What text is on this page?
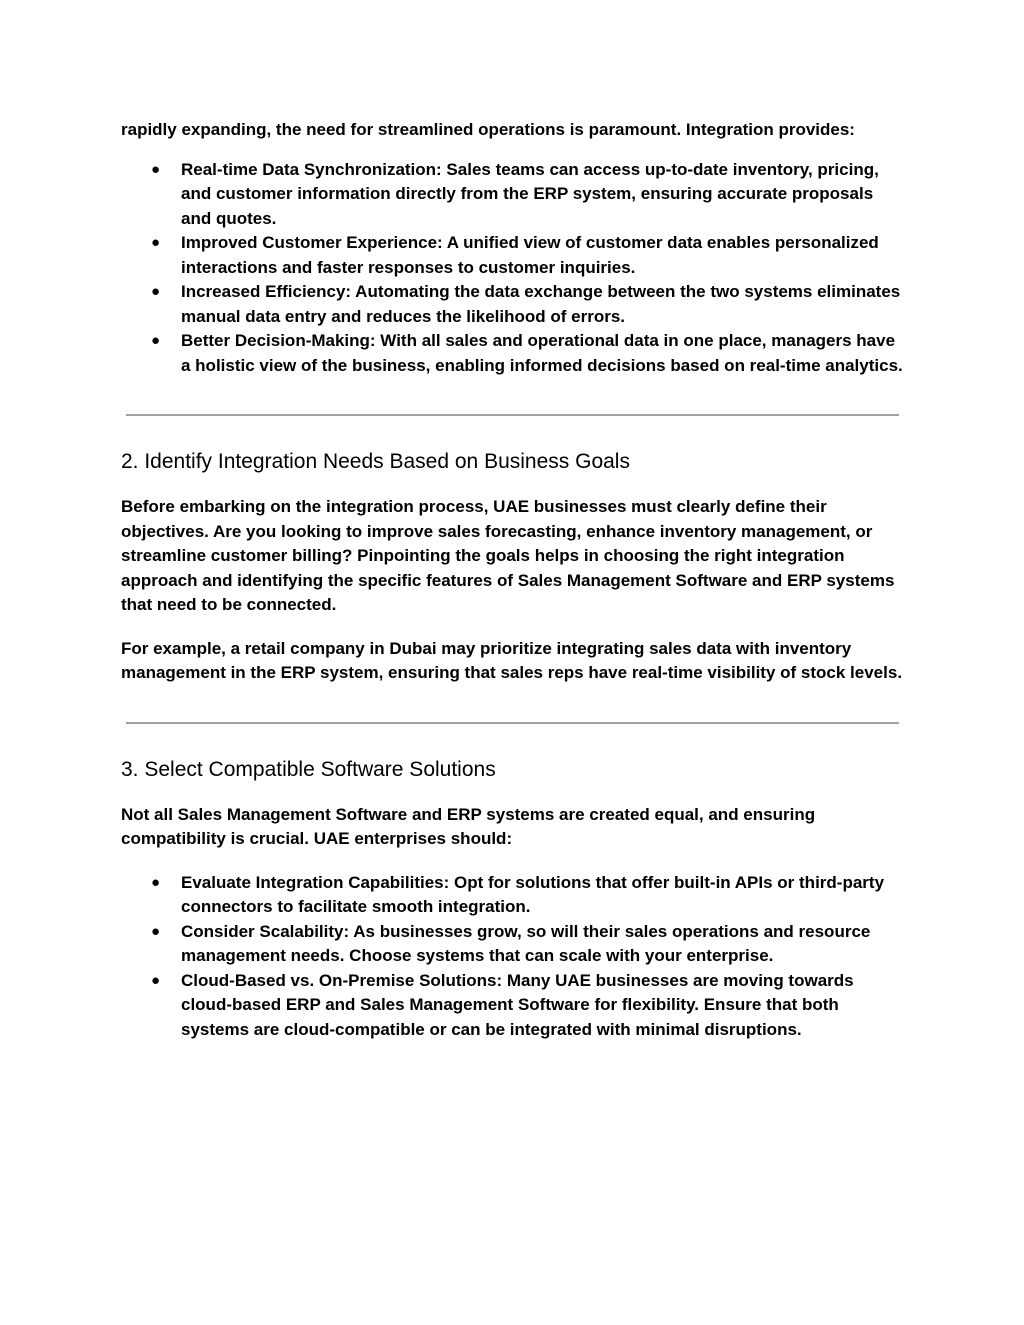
rapidly expanding, the need for streamlined operations is paramount. Integration provides:

● Real-time Data Synchronization: Sales teams can access up-to-date inventory, pricing, and customer information directly from the ERP system, ensuring accurate proposals and quotes.
● Improved Customer Experience: A unified view of customer data enables personalized interactions and faster responses to customer inquiries.
● Increased Efficiency: Automating the data exchange between the two systems eliminates manual data entry and reduces the likelihood of errors.
● Better Decision-Making: With all sales and operational data in one place, managers have a holistic view of the business, enabling informed decisions based on real-time analytics.
2. Identify Integration Needs Based on Business Goals

Before embarking on the integration process, UAE businesses must clearly define their objectives. Are you looking to improve sales forecasting, enhance inventory management, or streamline customer billing? Pinpointing the goals helps in choosing the right integration approach and identifying the specific features of Sales Management Software and ERP systems that need to be connected.

For example, a retail company in Dubai may prioritize integrating sales data with inventory management in the ERP system, ensuring that sales reps have real-time visibility of stock levels.

3. Select Compatible Software Solutions

Not all Sales Management Software and ERP systems are created equal, and ensuring compatibility is crucial. UAE enterprises should:

● Evaluate Integration Capabilities: Opt for solutions that offer built-in APIs or third-party connectors to facilitate smooth integration.
● Consider Scalability: As businesses grow, so will their sales operations and resource management needs. Choose systems that can scale with your enterprise.
● Cloud-Based vs. On-Premise Solutions: Many UAE businesses are moving towards cloud-based ERP and Sales Management Software for flexibility. Ensure that both systems are cloud-compatible or can be integrated with minimal disruptions.
